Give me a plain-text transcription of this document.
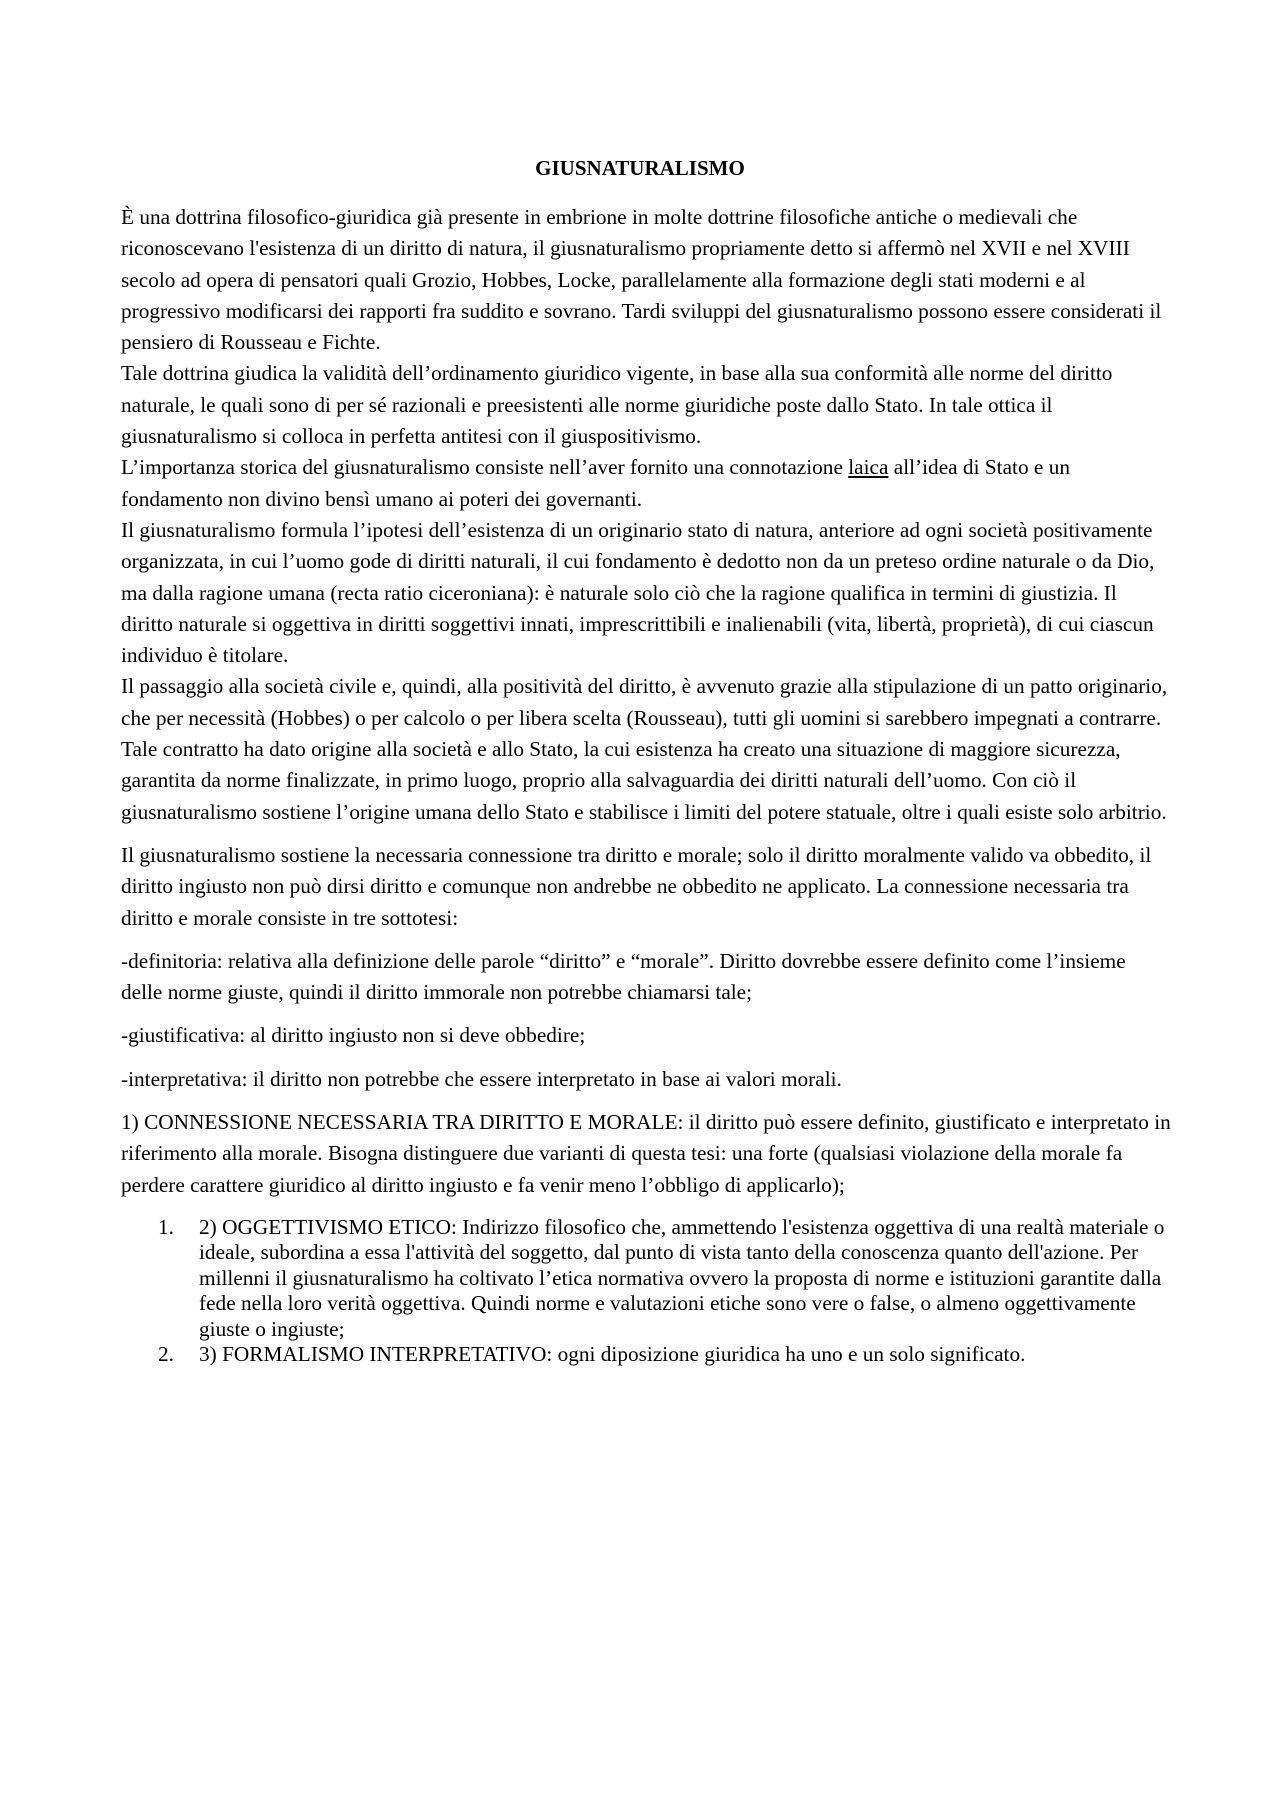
GIUSNATURALISMO

È una dottrina filosofico-giuridica già presente in embrione in molte dottrine filosofiche antiche o medievali che riconoscevano l'esistenza di un diritto di natura, il giusnaturalismo propriamente detto si affermò nel XVII e nel XVIII secolo ad opera di pensatori quali Grozio, Hobbes, Locke, parallelamente alla formazione degli stati moderni e al progressivo modificarsi dei rapporti fra suddito e sovrano. Tardi sviluppi del giusnaturalismo possono essere considerati il pensiero di Rousseau e Fichte.

Tale dottrina giudica la validità dell’ordinamento giuridico vigente, in base alla sua conformità alle norme del diritto naturale, le quali sono di per sé razionali e preesistenti alle norme giuridiche poste dallo Stato. In tale ottica il giusnaturalismo si colloca in perfetta antitesi con il giuspositivismo.

L’importanza storica del giusnaturalismo consiste nell’aver fornito una connotazione laica all’idea di Stato e un fondamento non divino bensì umano ai poteri dei governanti.

Il giusnaturalismo formula l’ipotesi dell’esistenza di un originario stato di natura, anteriore ad ogni società positivamente organizzata, in cui l’uomo gode di diritti naturali, il cui fondamento è dedotto non da un preteso ordine naturale o da Dio, ma dalla ragione umana (recta ratio ciceroniana): è naturale solo ciò che la ragione qualifica in termini di giustizia. Il diritto naturale si oggettiva in diritti soggettivi innati, imprescrittibili e inalienabili (vita, libertà, proprietà), di cui ciascun individuo è titolare.

Il passaggio alla società civile e, quindi, alla positività del diritto, è avvenuto grazie alla stipulazione di un patto originario, che per necessità (Hobbes) o per calcolo o per libera scelta (Rousseau), tutti gli uomini si sarebbero impegnati a contrarre. Tale contratto ha dato origine alla società e allo Stato, la cui esistenza ha creato una situazione di maggiore sicurezza, garantita da norme finalizzate, in primo luogo, proprio alla salvaguardia dei diritti naturali dell’uomo. Con ciò il giusnaturalismo sostiene l’origine umana dello Stato e stabilisce i limiti del potere statuale, oltre i quali esiste solo arbitrio.

Il giusnaturalismo sostiene la necessaria connessione tra diritto e morale; solo il diritto moralmente valido va obbedito, il diritto ingiusto non può dirsi diritto e comunque non andrebbe ne obbedito ne applicato. La connessione necessaria tra diritto e morale consiste in tre sottotesi:

-definitoria: relativa alla definizione delle parole “diritto” e “morale”. Diritto dovrebbe essere definito come l’insieme delle norme giuste, quindi il diritto immorale non potrebbe chiamarsi tale;

-giustificativa: al diritto ingiusto non si deve obbedire;

-interpretativa: il diritto non potrebbe che essere interpretato in base ai valori morali.

1) CONNESSIONE NECESSARIA TRA DIRITTO E MORALE: il diritto può essere definito, giustificato e interpretato in riferimento alla morale. Bisogna distinguere due varianti di questa tesi: una forte (qualsiasi violazione della morale fa perdere carattere giuridico al diritto ingiusto e fa venir meno l’obbligo di applicarlo);

1. 2) OGGETTIVISMO ETICO: Indirizzo filosofico che, ammettendo l'esistenza oggettiva di una realtà materiale o ideale, subordina a essa l'attività del soggetto, dal punto di vista tanto della conoscenza quanto dell'azione. Per millenni il giusnaturalismo ha coltivato l’etica normativa ovvero la proposta di norme e istituzioni garantite dalla fede nella loro verità oggettiva. Quindi norme e valutazioni etiche sono vere o false, o almeno oggettivamente giuste o ingiuste;
2. 3) FORMALISMO INTERPRETATIVO: ogni diposizione giuridica ha uno e un solo significato.
